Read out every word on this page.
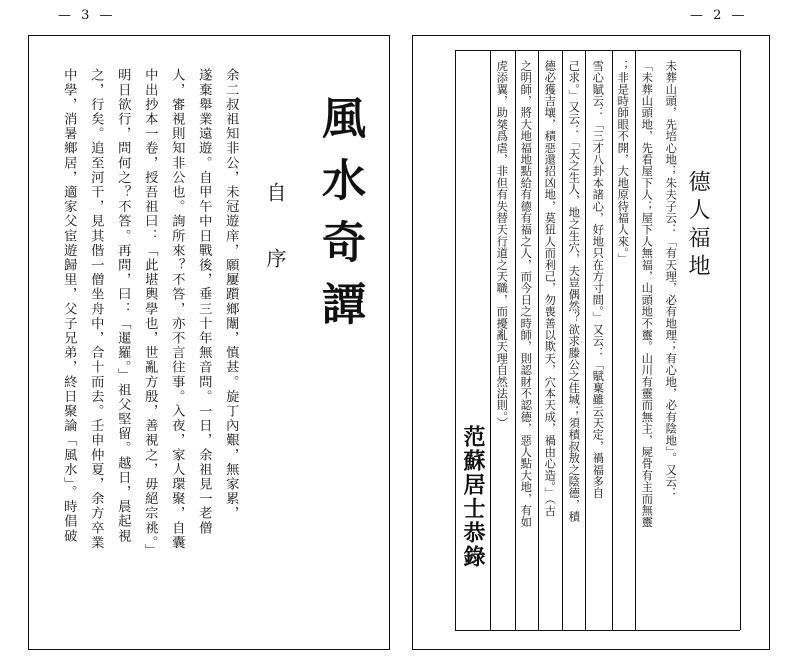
— 3 —
風水奇譚
自序
余二叔祖知非公，未冠遊庠，願屢躓鄉闈，慎甚。旋丁內艱，無家累，
遂棄舉業遠遊。自甲午中日戰後，垂三十年無音問。一日，余祖見一老僧
人，審視則知非公也。詢所來？不答，亦不言往事。入夜，家人環聚，自囊
中出抄本一卷，授吾祖曰：「此堪輿學也，世亂方殷，善視之，毋絕宗祧。」
明日欲行，問何之？不答。再問，曰：「暹羅。」祖父堅留。越日，晨起視
之，行矣。追至河干，見其偕一僧坐舟中，合十而去。壬申仲夏，余方卒業
中學，消暑鄉居，適家父宦遊歸里，父子兄弟，終日聚論「風水」。時倡破
— 2 —
德人福地
未葬山頭，先培心地；朱夫子云：「有天理，必有地理；有心地，必有陰地」。又云：
「未葬山頭地，先看屋下人；屋下人無福，山頭地不靈。山川有靈而無主，屍骨有主而無靈
；非是時師眼不開，大地原待福人來。」
雪心賦云：「三才八卦本諸心，好地只在方寸間。」又云：「賦稟雖云天定，禍福多自
己求。」又云：「天之生人，地之生穴，夫豈偶然？欲求滕公之佳城；須積叔敖之陰德，積
德必獲吉壤，積惡還招凶地，莫狃人而利己，勿喪善以欺天，穴本天成，禍由心造。」（古
之明師，將大地福地點給有德有福之人，而今日之時師，則認財不認德，惡人點大地，有如
虎添翼，助桀爲虐，非但有失替天行道之天職，而擾亂天理自然法則。）
范蘇居士恭錄
